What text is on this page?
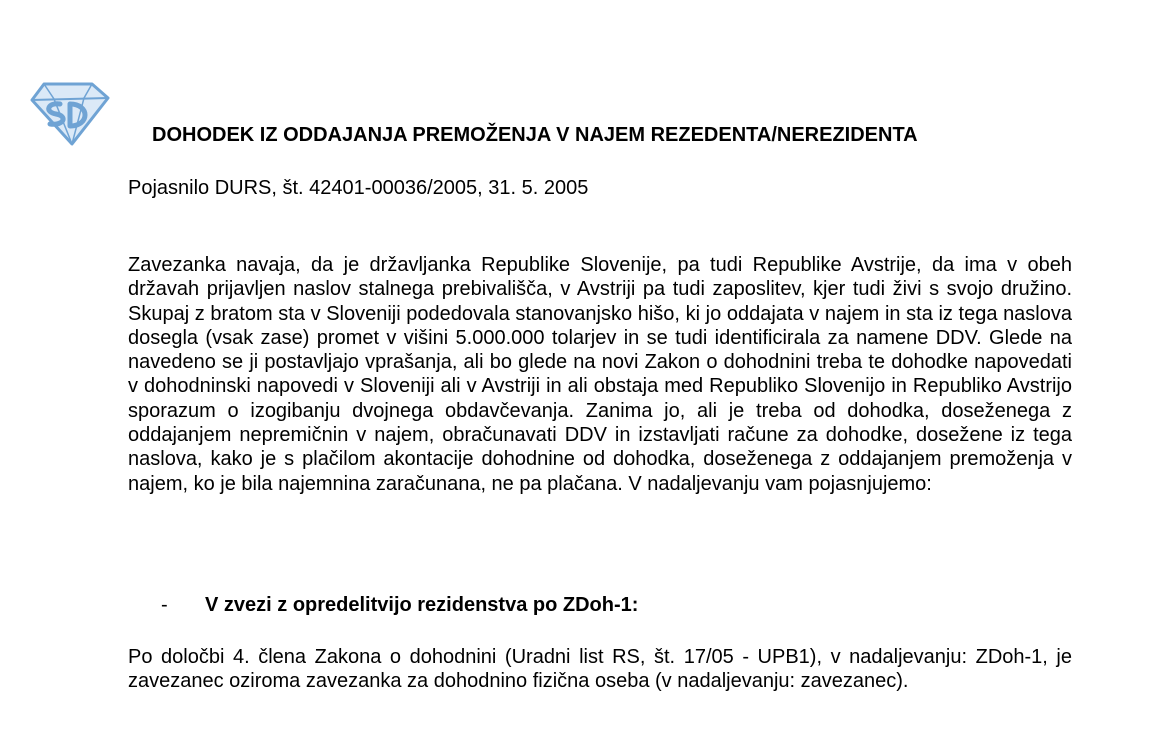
DOHODEK IZ ODDAJANJA PREMOŽENJA V NAJEM REZEDENTA/NEREZIDENTA
Pojasnilo DURS, št. 42401-00036/2005, 31. 5. 2005

Zavezanka navaja, da je državljanka Republike Slovenije, pa tudi Republike Avstrije, da ima v obeh državah prijavljen naslov stalnega prebivališča, v Avstriji pa tudi zaposlitev, kjer tudi živi s svojo družino. Skupaj z bratom sta v Sloveniji podedovala stanovanjsko hišo, ki jo oddajata v najem in sta iz tega naslova dosegla (vsak zase) promet v višini 5.000.000 tolarjev in se tudi identificirala za namene DDV. Glede na navedeno se ji postavljajo vprašanja, ali bo glede na novi Zakon o dohodnini treba te dohodke napovedati v dohodninski napovedi v Sloveniji ali v Avstriji in ali obstaja med Republiko Slovenijo in Republiko Avstrijo sporazum o izogibanju dvojnega obdavčevanja. Zanima jo, ali je treba od dohodka, doseženega z oddajanjem nepremičnin v najem, obračunavati DDV in izstavljati račune za dohodke, dosežene iz tega naslova, kako je s plačilom akontacije dohodnine od dohodka, doseženega z oddajanjem premoženja v najem, ko je bila najemnina zaračunana, ne pa plačana. V nadaljevanju vam pojasnjujemo:

- V zvezi z opredelitvijo rezidenstva po ZDoh-1:

Po določbi 4. člena Zakona o dohodnini (Uradni list RS, št. 17/05 - UPB1), v nadaljevanju: ZDoh-1, je zavezanec oziroma zavezanka za dohodnino fizična oseba (v nadaljevanju: zavezanec).
